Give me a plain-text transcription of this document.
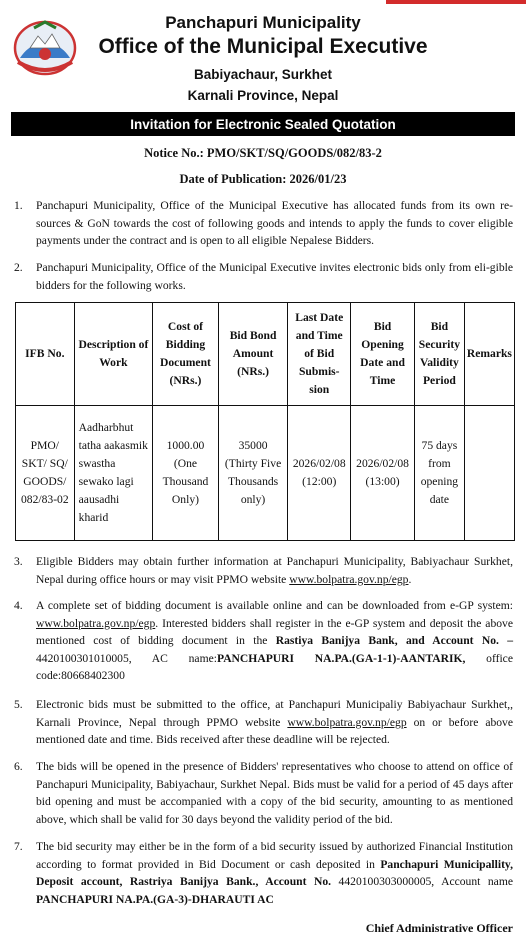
Panchapuri Municipality
Office of the Municipal Executive
Babiyachaur, Surkhet
Karnali Province, Nepal
Invitation for Electronic Sealed Quotation
Notice No.: PMO/SKT/SQ/GOODS/082/83-2
Date of Publication: 2026/01/23
1.	Panchapuri Municipality, Office of the Municipal Executive has allocated funds from its own re-sources & GoN towards the cost of following goods and intends to apply the funds to cover eligible payments under the contract and is open to all eligible Nepalese Bidders.
2.	Panchapuri Municipality, Office of the Municipal Executive invites electronic bids only from eli-gible bidders for the following works.
IFB No.	Description of Work	Cost of Bidding Document (NRs.)	Bid Bond Amount (NRs.)	Last Date and Time of Bid Submis-sion	Bid Opening Date and Time	Bid Security Validity Period	Remarks
PMO/ SKT/ SQ/ GOODS/ 082/83-02	Aadharbhut tatha aakasmik swastha sewako lagi aausadhi kharid	1000.00 (One Thousand Only)	35000 (Thirty Five Thousands only)	2026/02/08 (12:00)	2026/02/08 (13:00)	75 days from opening date	
3.	Eligible Bidders may obtain further information at Panchapuri Municipality, Babiyachaur Surkhet, Nepal during office hours or may visit PPMO website www.bolpatra.gov.np/egp.
4.	A complete set of bidding document is available online and can be downloaded from e-GP system: www.bolpatra.gov.np/egp. Interested bidders shall register in the e-GP system and deposit the above mentioned cost of bidding document in the Rastiya Banijya Bank, and Account No. – 4420100301010005, AC name:PANCHAPURI NA.PA.(GA-1-1)-AANTARIK, office code:80668402300
5.	Electronic bids must be submitted to the office, at Panchapuri Municipaliy Babiyachaur Surkhet,, Karnali Province, Nepal through PPMO website www.bolpatra.gov.np/egp on or before above mentioned date and time. Bids received after these deadline will be rejected.
6.	The bids will be opened in the presence of Bidders' representatives who choose to attend on office of Panchapuri Municipality, Babiyachaur, Surkhet Nepal. Bids must be valid for a period of 45 days after bid opening and must be accompanied with a copy of the bid security, amounting to as mentioned above, which shall be valid for 30 days beyond the validity period of the bid.
7.	The bid security may either be in the form of a bid security issued by authorized Financial Institution according to format provided in Bid Document or cash deposited in Panchapuri Municipallity, Deposit account, Rastriya Banijya Bank., Account No. 4420100303000005, Account name PANCHAPURI NA.PA.(GA-3)-DHARAUTI AC
Chief Administrative Officer
